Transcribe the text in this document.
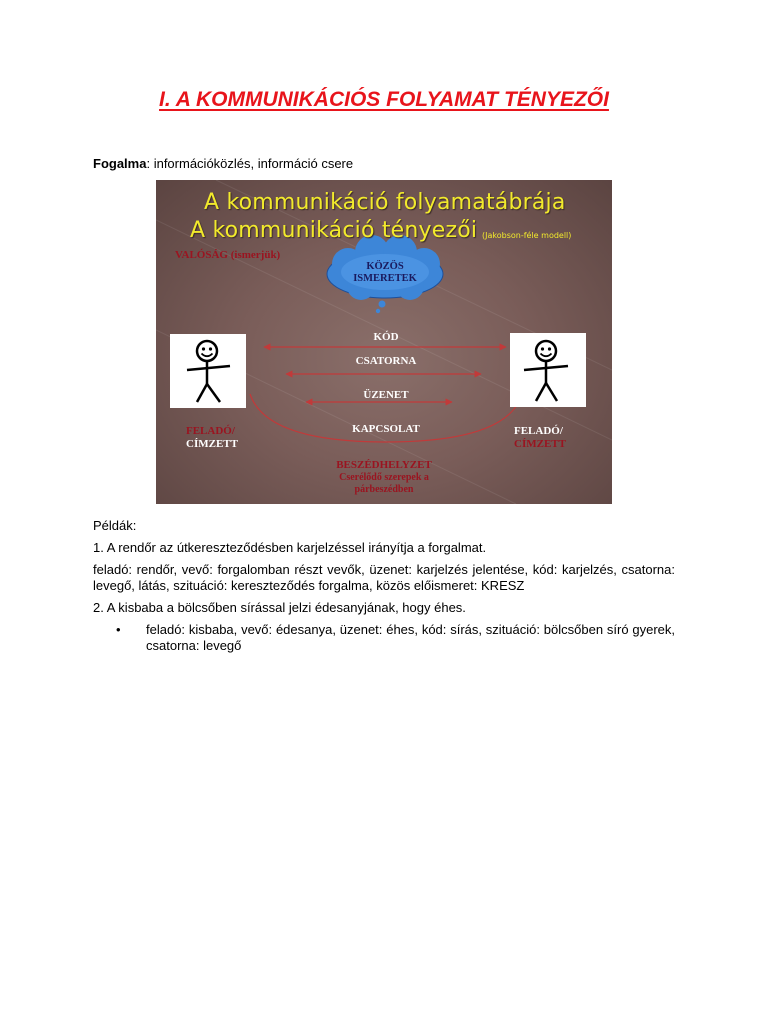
I. A KOMMUNIKÁCIÓS FOLYAMAT TÉNYEZŐI

Fogalma: információközlés, információ csere

A kommunikáció folyamatábrája
A kommunikáció tényezői (Jakobson-féle modell)
VALÓSÁG (ismerjük)
KÖZÖS
ISMERETEK
KÓD
CSATORNA
ÜZENET
KAPCSOLAT
FELADÓ/
CÍMZETT
FELADÓ/
CÍMZETT
BESZÉDHELYZET
Cserélődő szerepek a
párbeszédben

Példák:

1. A rendőr az útkereszteződésben karjelzéssel irányítja a forgalmat.

feladó: rendőr, vevő: forgalomban részt vevők, üzenet: karjelzés jelentése, kód: karjelzés, csatorna: levegő, látás, szituáció: kereszteződés forgalma, közös előismeret: KRESZ

2. A kisbaba a bölcsőben sírással jelzi édesanyjának, hogy éhes.

• feladó: kisbaba, vevő: édesanya, üzenet: éhes, kód: sírás, szituáció: bölcsőben síró gyerek, csatorna: levegő
